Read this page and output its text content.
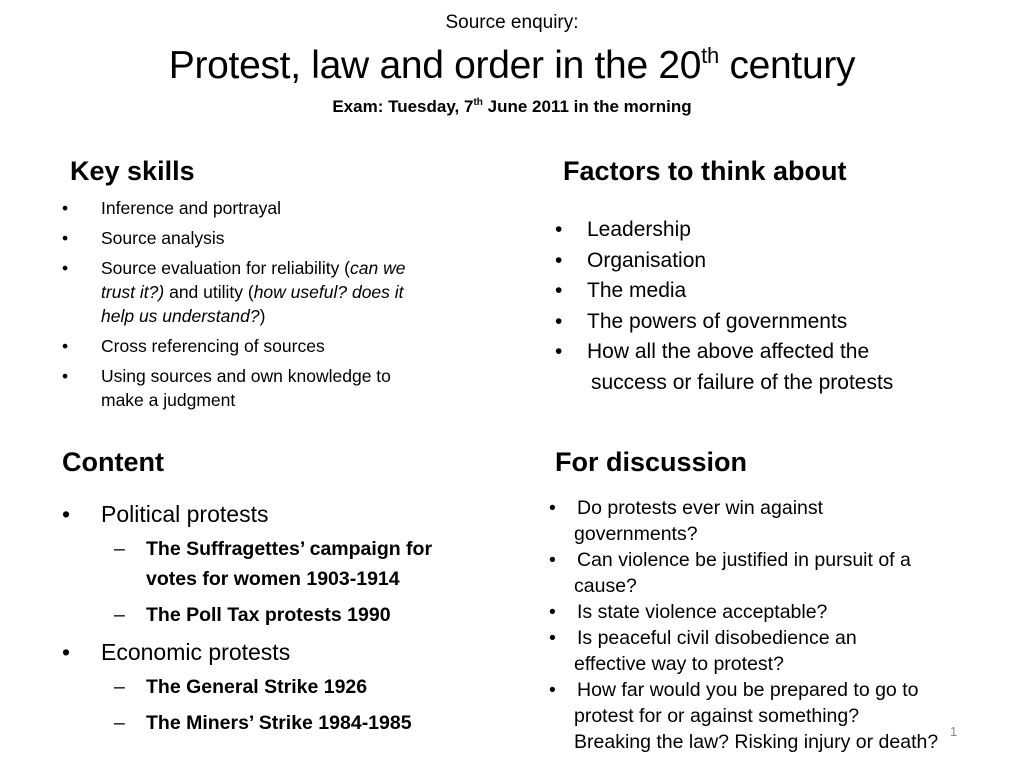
Source enquiry:
Protest, law and order in the 20th century
Exam: Tuesday, 7th June 2011 in the morning
Key skills
• Inference and portrayal
• Source analysis
• Source evaluation for reliability (can we
trust it?) and utility (how useful? does it
help us understand?)
• Cross referencing of sources
• Using sources and own knowledge to
make a judgment
Factors to think about
• Leadership
• Organisation
• The media
• The powers of governments
• How all the above affected the
success or failure of the protests
Content
• Political protests
– The Suffragettes’ campaign for
votes for women 1903-1914
– The Poll Tax protests 1990
• Economic protests
– The General Strike 1926
– The Miners’ Strike 1984-1985
For discussion
• Do protests ever win against
governments?
• Can violence be justified in pursuit of a
cause?
• Is state violence acceptable?
• Is peaceful civil disobedience an
effective way to protest?
• How far would you be prepared to go to
protest for or against something?
Breaking the law? Risking injury or death? 1
